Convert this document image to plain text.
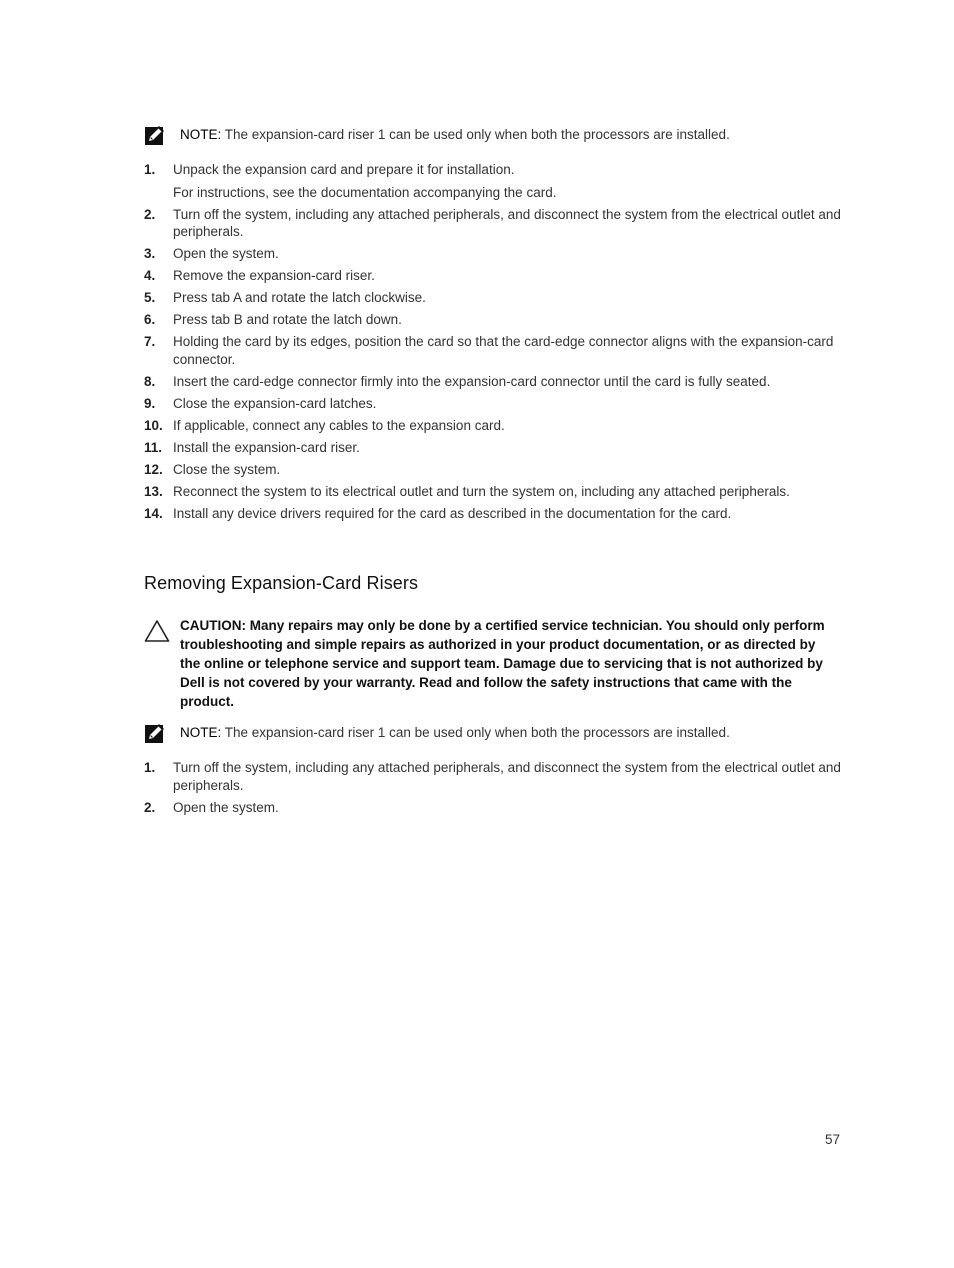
NOTE: The expansion-card riser 1 can be used only when both the processors are installed.
1. Unpack the expansion card and prepare it for installation.
For instructions, see the documentation accompanying the card.
2. Turn off the system, including any attached peripherals, and disconnect the system from the electrical outlet and peripherals.
3. Open the system.
4. Remove the expansion-card riser.
5. Press tab A and rotate the latch clockwise.
6. Press tab B and rotate the latch down.
7. Holding the card by its edges, position the card so that the card-edge connector aligns with the expansion-card connector.
8. Insert the card-edge connector firmly into the expansion-card connector until the card is fully seated.
9. Close the expansion-card latches.
10. If applicable, connect any cables to the expansion card.
11. Install the expansion-card riser.
12. Close the system.
13. Reconnect the system to its electrical outlet and turn the system on, including any attached peripherals.
14. Install any device drivers required for the card as described in the documentation for the card.
Removing Expansion-Card Risers
CAUTION: Many repairs may only be done by a certified service technician. You should only perform troubleshooting and simple repairs as authorized in your product documentation, or as directed by the online or telephone service and support team. Damage due to servicing that is not authorized by Dell is not covered by your warranty. Read and follow the safety instructions that came with the product.
NOTE: The expansion-card riser 1 can be used only when both the processors are installed.
1. Turn off the system, including any attached peripherals, and disconnect the system from the electrical outlet and peripherals.
2. Open the system.
57
